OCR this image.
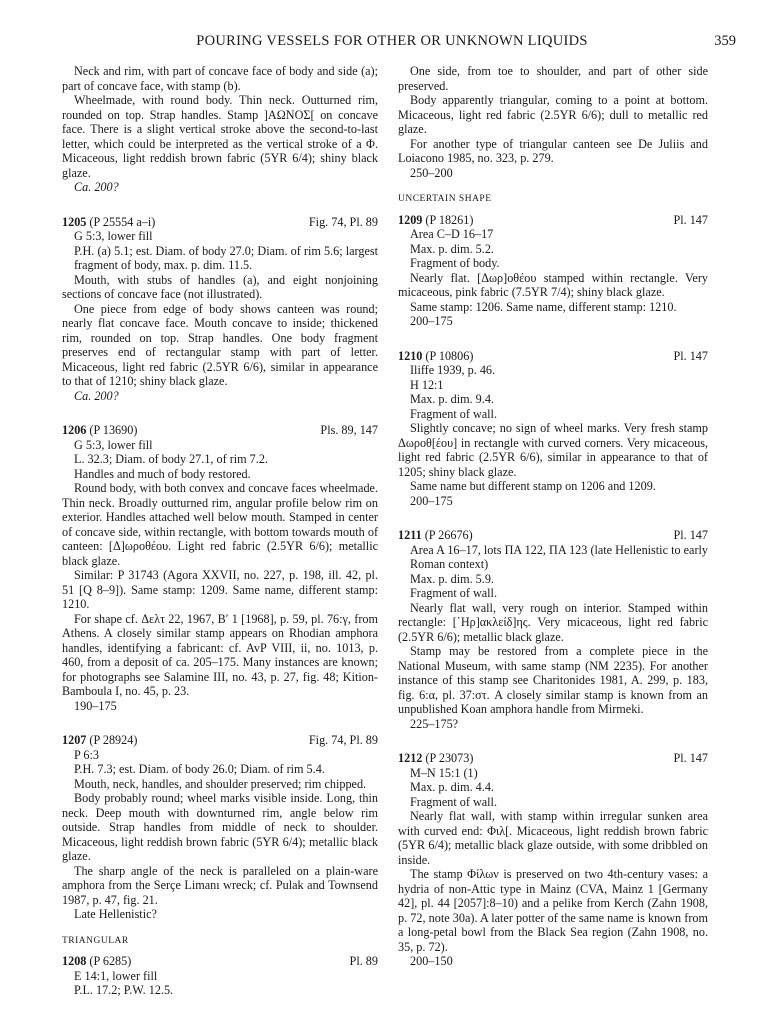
POURING VESSELS FOR OTHER OR UNKNOWN LIQUIDS	359

Neck and rim, with part of concave face of body and side (a); part of concave face, with stamp (b).

Wheelmade, with round body. Thin neck. Outturned rim, rounded on top. Strap handles. Stamp ]ΑΩΝΟΣ[ on concave face. There is a slight vertical stroke above the second-to-last letter, which could be interpreted as the vertical stroke of a Φ. Micaceous, light reddish brown fabric (5YR 6/4); shiny black glaze.

Ca. 200?

1205 (P 25554 a–i)	Fig. 74, Pl. 89

G 5:3, lower fill

P.H. (a) 5.1; est. Diam. of body 27.0; Diam. of rim 5.6; largest fragment of body, max. p. dim. 11.5.

Mouth, with stubs of handles (a), and eight nonjoining sections of concave face (not illustrated).

One piece from edge of body shows canteen was round; nearly flat concave face. Mouth concave to inside; thickened rim, rounded on top. Strap handles. One body fragment preserves end of rectangular stamp with part of letter. Micaceous, light red fabric (2.5YR 6/6), similar in appearance to that of 1210; shiny black glaze.

Ca. 200?

1206 (P 13690)	Pls. 89, 147

G 5:3, lower fill

L. 32.3; Diam. of body 27.1, of rim 7.2.

Handles and much of body restored.

Round body, with both convex and concave faces wheelmade. Thin neck. Broadly outturned rim, angular profile below rim on exterior. Handles attached well below mouth. Stamped in center of concave side, within rectangle, with bottom towards mouth of canteen: [Δ]ωροθέου. Light red fabric (2.5YR 6/6); metallic black glaze.

Similar: P 31743 (Agora XXVII, no. 227, p. 198, ill. 42, pl. 51 [Q 8–9]). Same stamp: 1209. Same name, different stamp: 1210.

For shape cf. Δελτ 22, 1967, Β′ 1 [1968], p. 59, pl. 76:γ, from Athens. A closely similar stamp appears on Rhodian amphora handles, identifying a fabricant: cf. AvP VIII, ii, no. 1013, p. 460, from a deposit of ca. 205–175. Many instances are known; for photographs see Salamine III, no. 43, p. 27, fig. 48; Kition-Bamboula I, no. 45, p. 23.

190–175

1207 (P 28924)	Fig. 74, Pl. 89

P 6:3

P.H. 7.3; est. Diam. of body 26.0; Diam. of rim 5.4.

Mouth, neck, handles, and shoulder preserved; rim chipped.

Body probably round; wheel marks visible inside. Long, thin neck. Deep mouth with downturned rim, angle below rim outside. Strap handles from middle of neck to shoulder. Micaceous, light reddish brown fabric (5YR 6/4); metallic black glaze.

The sharp angle of the neck is paralleled on a plain-ware amphora from the Serçe Limanı wreck; cf. Pulak and Townsend 1987, p. 47, fig. 21.

Late Hellenistic?

TRIANGULAR
1208 (P 6285)	Pl. 89

E 14:1, lower fill

P.L. 17.2; P.W. 12.5.

One side, from toe to shoulder, and part of other side preserved.

Body apparently triangular, coming to a point at bottom. Micaceous, light red fabric (2.5YR 6/6); dull to metallic red glaze.

For another type of triangular canteen see De Juliis and Loiacono 1985, no. 323, p. 279.

250–200

UNCERTAIN SHAPE
1209 (P 18261)	Pl. 147

Area C–D 16–17

Max. p. dim. 5.2.

Fragment of body.

Nearly flat. [Δωρ]οθέου stamped within rectangle. Very micaceous, pink fabric (7.5YR 7/4); shiny black glaze.

Same stamp: 1206. Same name, different stamp: 1210.

200–175

1210 (P 10806)	Pl. 147

Iliffe 1939, p. 46.

H 12:1

Max. p. dim. 9.4.

Fragment of wall.

Slightly concave; no sign of wheel marks. Very fresh stamp Δωροθ[έου] in rectangle with curved corners. Very micaceous, light red fabric (2.5YR 6/6), similar in appearance to that of 1205; shiny black glaze.

Same name but different stamp on 1206 and 1209.

200–175

1211 (P 26676)	Pl. 147

Area A 16–17, lots ΠΑ 122, ΠΑ 123 (late Hellenistic to early Roman context)

Max. p. dim. 5.9.

Fragment of wall.

Nearly flat wall, very rough on interior. Stamped within rectangle: [῾Ηρ]ακλείδ]ης. Very micaceous, light red fabric (2.5YR 6/6); metallic black glaze.

Stamp may be restored from a complete piece in the National Museum, with same stamp (NM 2235). For another instance of this stamp see Charitonides 1981, A. 299, p. 183, fig. 6:α, pl. 37:στ. A closely similar stamp is known from an unpublished Koan amphora handle from Mirmeki.

225–175?

1212 (P 23073)	Pl. 147

M–N 15:1 (1)

Max. p. dim. 4.4.

Fragment of wall.

Nearly flat wall, with stamp within irregular sunken area with curved end: Φιλ[. Micaceous, light reddish brown fabric (5YR 6/4); metallic black glaze outside, with some dribbled on inside.

The stamp Φίλων is preserved on two 4th-century vases: a hydria of non-Attic type in Mainz (CVA, Mainz 1 [Germany 42], pl. 44 [2057]:8–10) and a pelike from Kerch (Zahn 1908, p. 72, note 30a). A later potter of the same name is known from a long-petal bowl from the Black Sea region (Zahn 1908, no. 35, p. 72).

200–150
